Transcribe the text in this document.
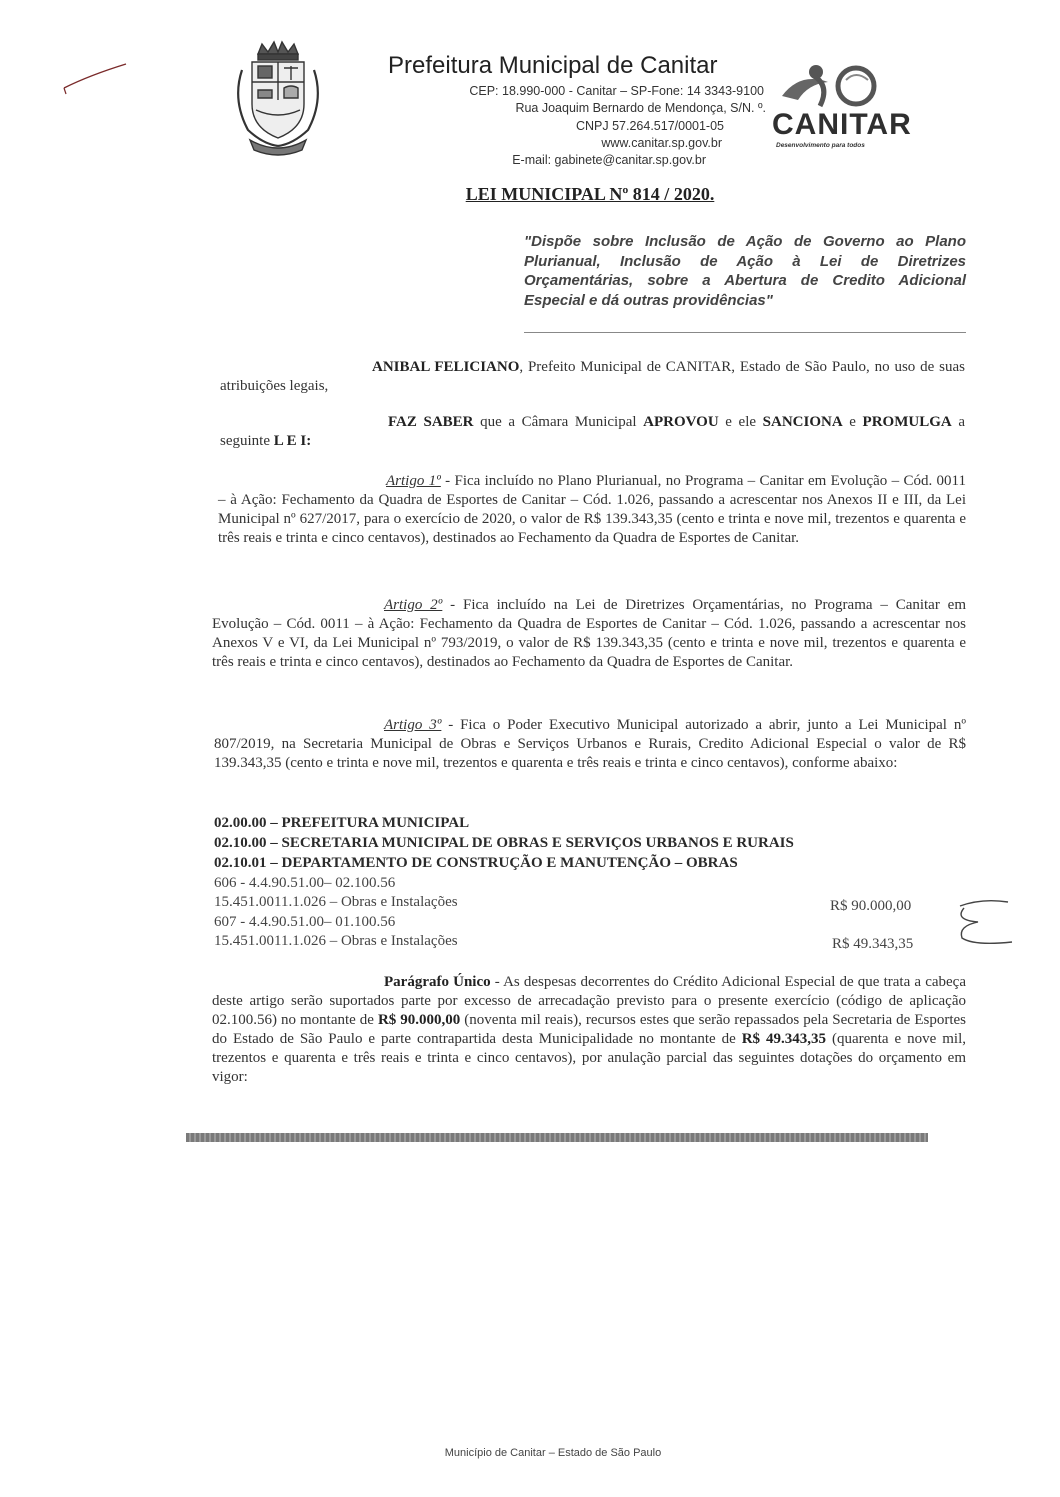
Prefeitura Municipal de Canitar
CEP: 18.990-000 - Canitar – SP-Fone: 14 3343-9100
Rua Joaquim Bernardo de Mendonça, S/N. º.
CNPJ 57.264.517/0001-05
www.canitar.sp.gov.br
E-mail: gabinete@canitar.sp.gov.br
CANITAR
Desenvolvimento para todos
LEI MUNICIPAL Nº 814 / 2020.
"Dispõe sobre Inclusão de Ação de Governo ao Plano Plurianual, Inclusão de Ação à Lei de Diretrizes Orçamentárias, sobre a Abertura de Credito Adicional Especial e dá outras providências"
ANIBAL FELICIANO, Prefeito Municipal de CANITAR, Estado de São Paulo, no uso de suas atribuições legais,
FAZ SABER que a Câmara Municipal APROVOU e ele SANCIONA e PROMULGA a seguinte L E I:
Artigo 1º - Fica incluído no Plano Plurianual, no Programa – Canitar em Evolução – Cód. 0011 – à Ação: Fechamento da Quadra de Esportes de Canitar – Cód. 1.026, passando a acrescentar nos Anexos II e III, da Lei Municipal nº 627/2017, para o exercício de 2020, o valor de R$ 139.343,35 (cento e trinta e nove mil, trezentos e quarenta e três reais e trinta e cinco centavos), destinados ao Fechamento da Quadra de Esportes de Canitar.
Artigo 2º - Fica incluído na Lei de Diretrizes Orçamentárias, no Programa – Canitar em Evolução – Cód. 0011 – à Ação: Fechamento da Quadra de Esportes de Canitar – Cód. 1.026, passando a acrescentar nos Anexos V e VI, da Lei Municipal nº 793/2019, o valor de R$ 139.343,35 (cento e trinta e nove mil, trezentos e quarenta e três reais e trinta e cinco centavos), destinados ao Fechamento da Quadra de Esportes de Canitar.
Artigo 3º - Fica o Poder Executivo Municipal autorizado a abrir, junto a Lei Municipal nº 807/2019, na Secretaria Municipal de Obras e Serviços Urbanos e Rurais, Credito Adicional Especial o valor de R$ 139.343,35 (cento e trinta e nove mil, trezentos e quarenta e três reais e trinta e cinco centavos), conforme abaixo:
02.00.00 – PREFEITURA MUNICIPAL
02.10.00 – SECRETARIA MUNICIPAL DE OBRAS E SERVIÇOS URBANOS E RURAIS
02.10.01 – DEPARTAMENTO DE CONSTRUÇÃO E MANUTENÇÃO – OBRAS
606 - 4.4.90.51.00– 02.100.56
15.451.0011.1.026 – Obras e Instalações	R$ 90.000,00
607 - 4.4.90.51.00– 01.100.56
15.451.0011.1.026 – Obras e Instalações	R$ 49.343,35
Parágrafo Único - As despesas decorrentes do Crédito Adicional Especial de que trata a cabeça deste artigo serão suportados parte por excesso de arrecadação previsto para o presente exercício (código de aplicação 02.100.56) no montante de R$ 90.000,00 (noventa mil reais), recursos estes que serão repassados pela Secretaria de Esportes do Estado de São Paulo e parte contrapartida desta Municipalidade no montante de R$ 49.343,35 (quarenta e nove mil, trezentos e quarenta e três reais e trinta e cinco centavos), por anulação parcial das seguintes dotações do orçamento em vigor:
Município de Canitar – Estado de São Paulo
